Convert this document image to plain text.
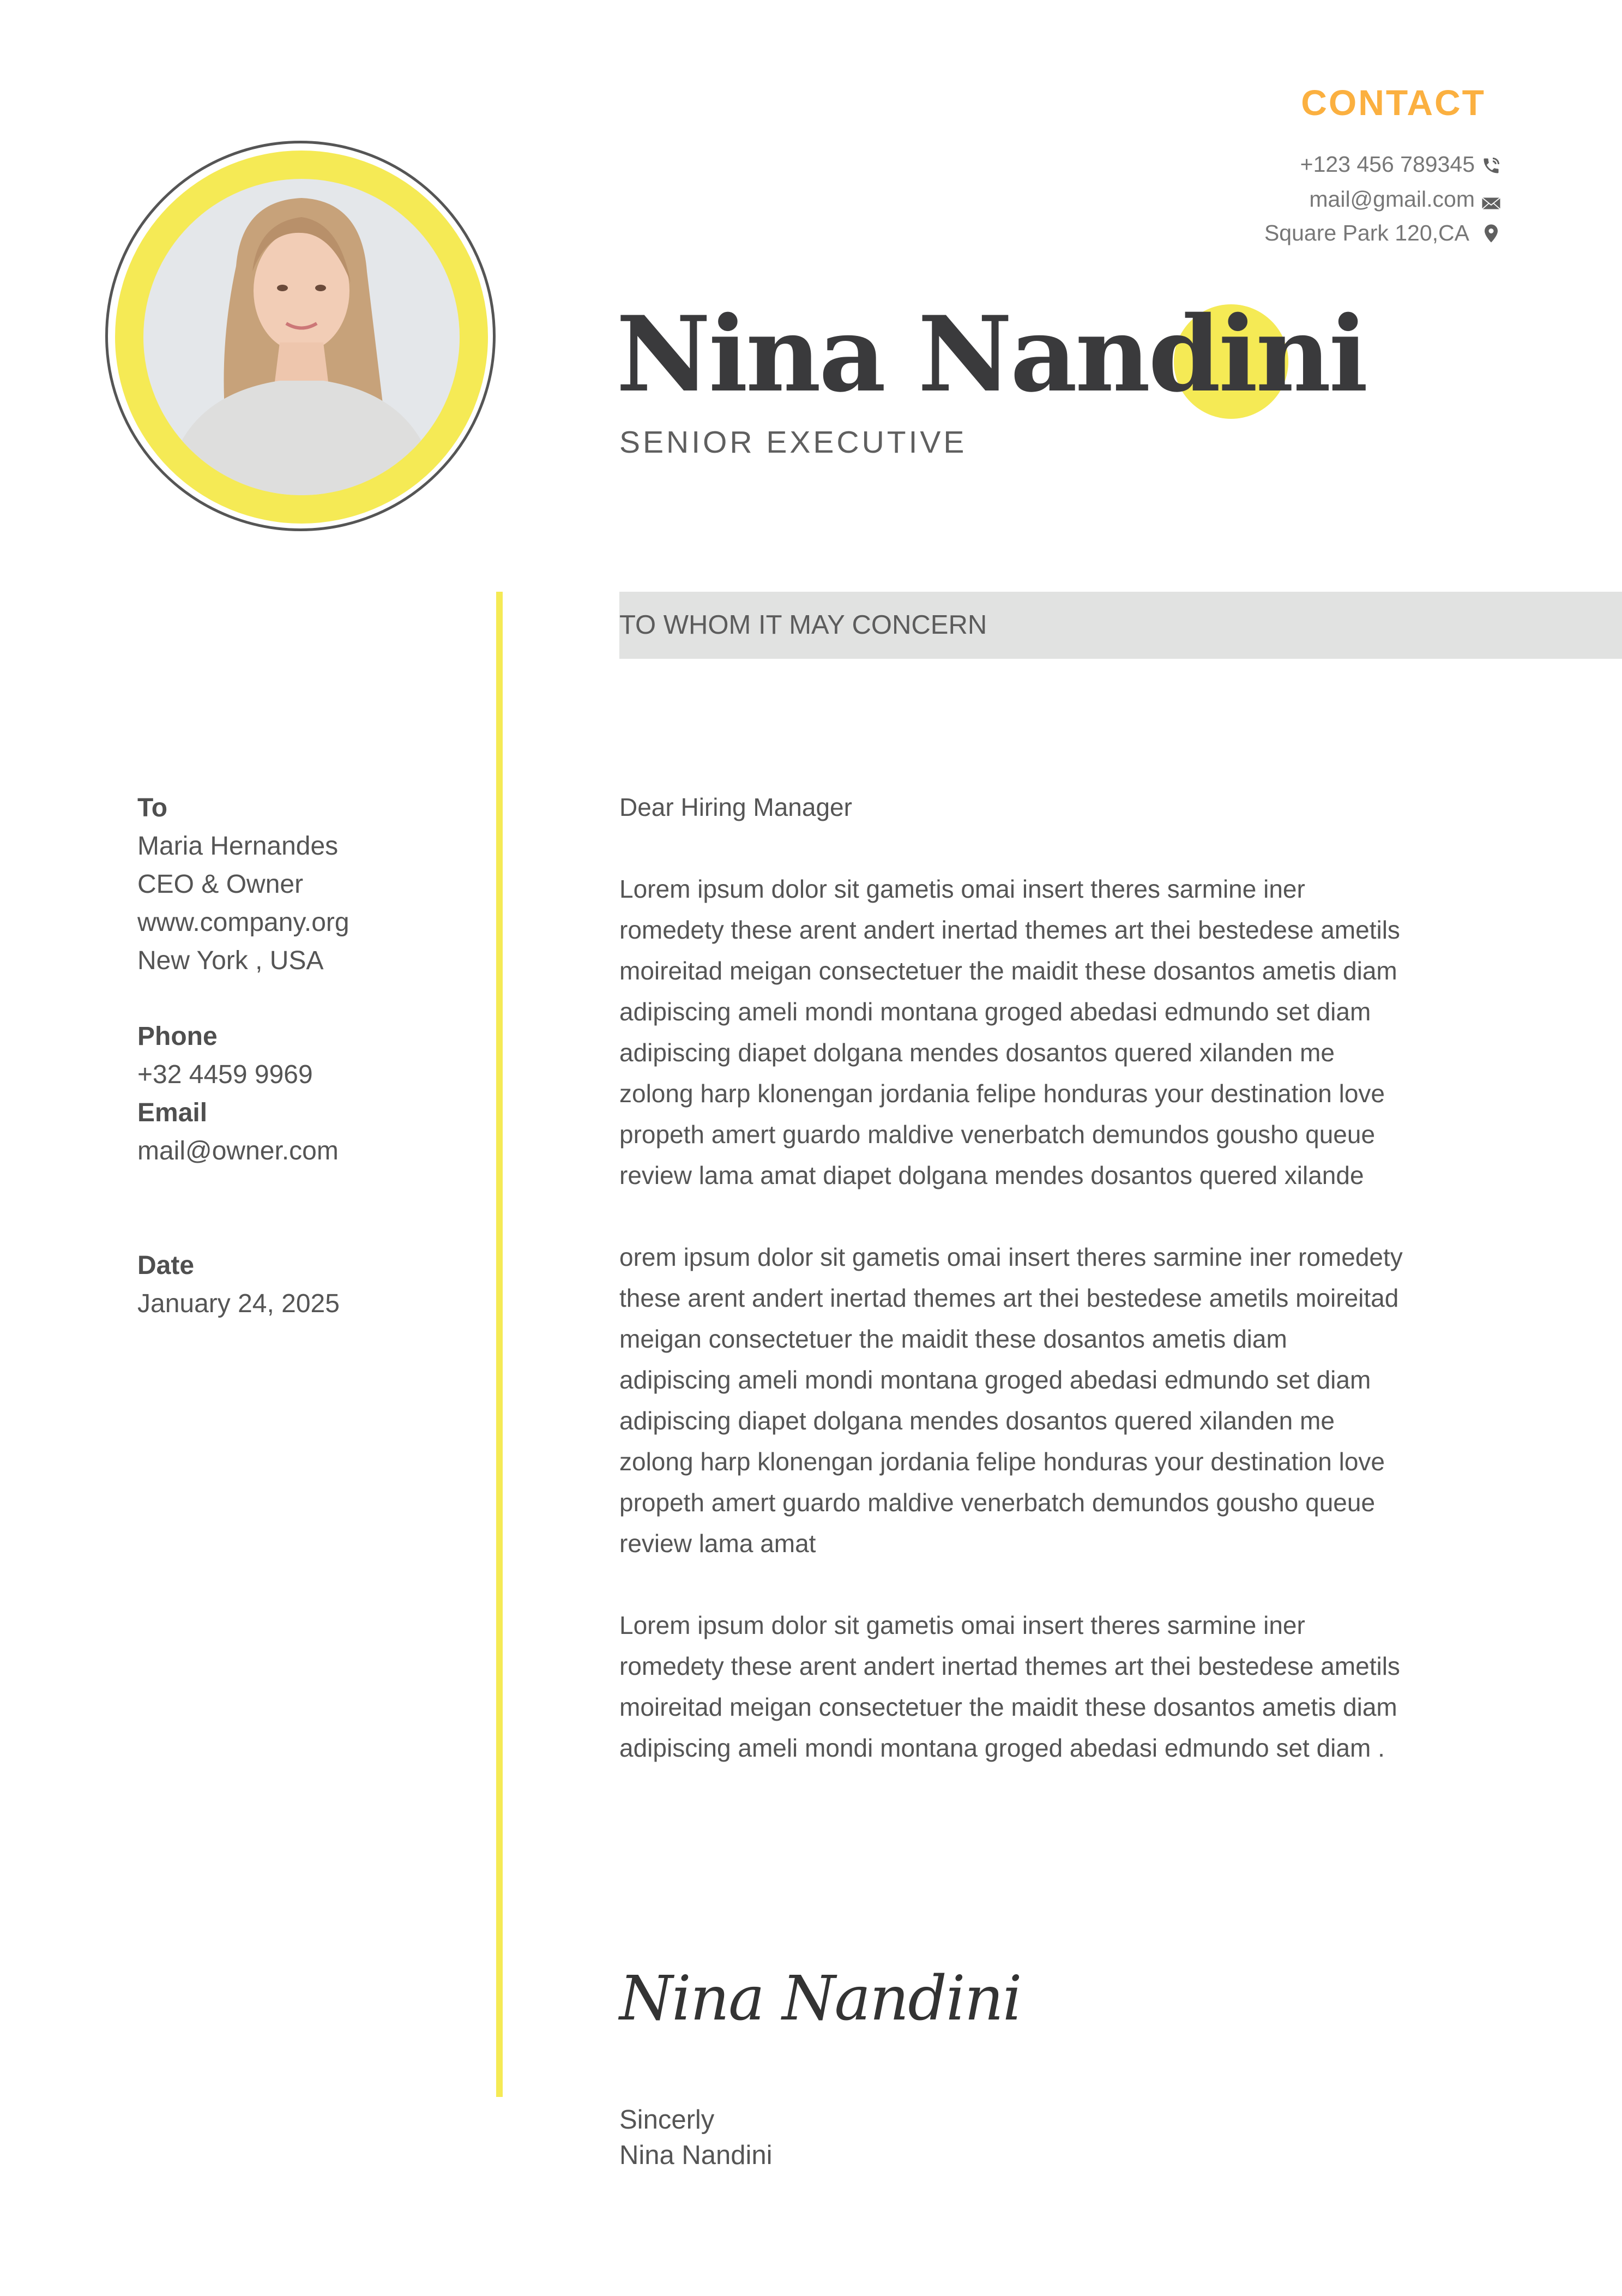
CONTACT
+123 456 789345
mail@gmail.com
Square Park 120,CA
Nina Nandini
SENIOR EXECUTIVE
TO WHOM IT MAY CONCERN
To
Maria Hernandes
CEO & Owner
www.company.org
New York , USA
Phone
+32 4459 9969
Email
mail@owner.com
Date
January 24, 2025
Dear Hiring Manager
Lorem ipsum dolor sit gametis omai insert theres sarmine iner
romedety these arent andert inertad themes art thei bestedese ametils
moireitad meigan consectetuer the maidit these dosantos ametis diam
adipiscing ameli mondi montana groged abedasi edmundo set diam
adipiscing diapet dolgana mendes dosantos quered xilanden me
zolong harp klonengan jordania felipe honduras your destination love
propeth amert guardo maldive venerbatch demundos gousho queue
review lama amat diapet dolgana mendes dosantos quered xilande
orem ipsum dolor sit gametis omai insert theres sarmine iner romedety
these arent andert inertad themes art thei bestedese ametils moireitad
meigan consectetuer the maidit these dosantos ametis diam
adipiscing ameli mondi montana groged abedasi edmundo set diam
adipiscing diapet dolgana mendes dosantos quered xilanden me
zolong harp klonengan jordania felipe honduras your destination love
propeth amert guardo maldive venerbatch demundos gousho queue
review lama amat
Lorem ipsum dolor sit gametis omai insert theres sarmine iner
romedety these arent andert inertad themes art thei bestedese ametils
moireitad meigan consectetuer the maidit these dosantos ametis diam
adipiscing ameli mondi montana groged abedasi edmundo set diam .
Nina Nandini
Sincerly
Nina Nandini
